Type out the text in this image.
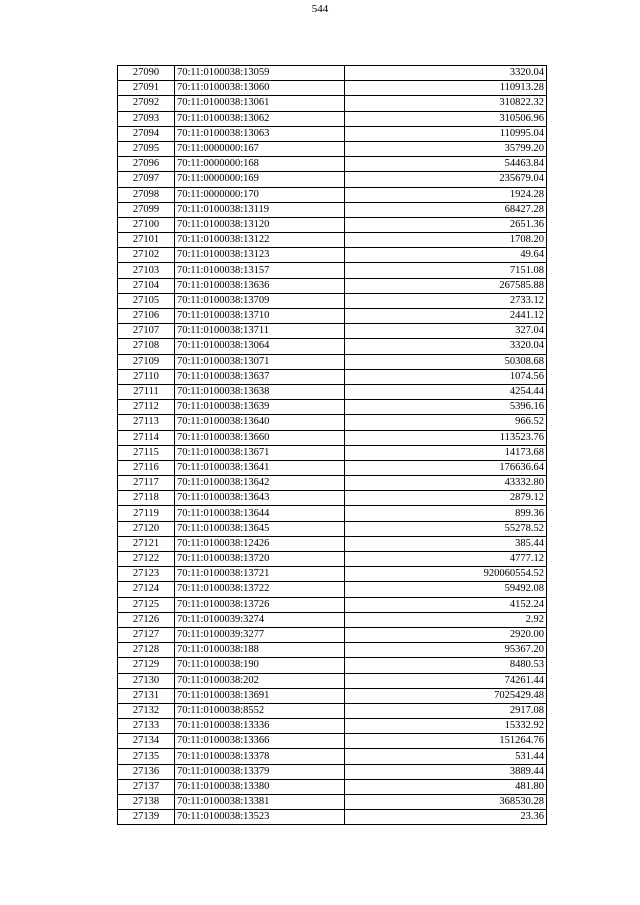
544
27090	70:11:0100038:13059	3320.04
27091	70:11:0100038:13060	110913.28
27092	70:11:0100038:13061	310822.32
27093	70:11:0100038:13062	310506.96
27094	70:11:0100038:13063	110995.04
27095	70:11:0000000:167	35799.20
27096	70:11:0000000:168	54463.84
27097	70:11:0000000:169	235679.04
27098	70:11:0000000:170	1924.28
27099	70:11:0100038:13119	68427.28
27100	70:11:0100038:13120	2651.36
27101	70:11:0100038:13122	1708.20
27102	70:11:0100038:13123	49.64
27103	70:11:0100038:13157	7151.08
27104	70:11:0100038:13636	267585.88
27105	70:11:0100038:13709	2733.12
27106	70:11:0100038:13710	2441.12
27107	70:11:0100038:13711	327.04
27108	70:11:0100038:13064	3320.04
27109	70:11:0100038:13071	50308.68
27110	70:11:0100038:13637	1074.56
27111	70:11:0100038:13638	4254.44
27112	70:11:0100038:13639	5396.16
27113	70:11:0100038:13640	966.52
27114	70:11:0100038:13660	113523.76
27115	70:11:0100038:13671	14173.68
27116	70:11:0100038:13641	176636.64
27117	70:11:0100038:13642	43332.80
27118	70:11:0100038:13643	2879.12
27119	70:11:0100038:13644	899.36
27120	70:11:0100038:13645	55278.52
27121	70:11:0100038:12426	385.44
27122	70:11:0100038:13720	4777.12
27123	70:11:0100038:13721	920060554.52
27124	70:11:0100038:13722	59492.08
27125	70:11:0100038:13726	4152.24
27126	70:11:0100039:3274	2.92
27127	70:11:0100039:3277	2920.00
27128	70:11:0100038:188	95367.20
27129	70:11:0100038:190	8480.53
27130	70:11:0100038:202	74261.44
27131	70:11:0100038:13691	7025429.48
27132	70:11:0100038:8552	2917.08
27133	70:11:0100038:13336	15332.92
27134	70:11:0100038:13366	151264.76
27135	70:11:0100038:13378	531.44
27136	70:11:0100038:13379	3889.44
27137	70:11:0100038:13380	481.80
27138	70:11:0100038:13381	368530.28
27139	70:11:0100038:13523	23.36
